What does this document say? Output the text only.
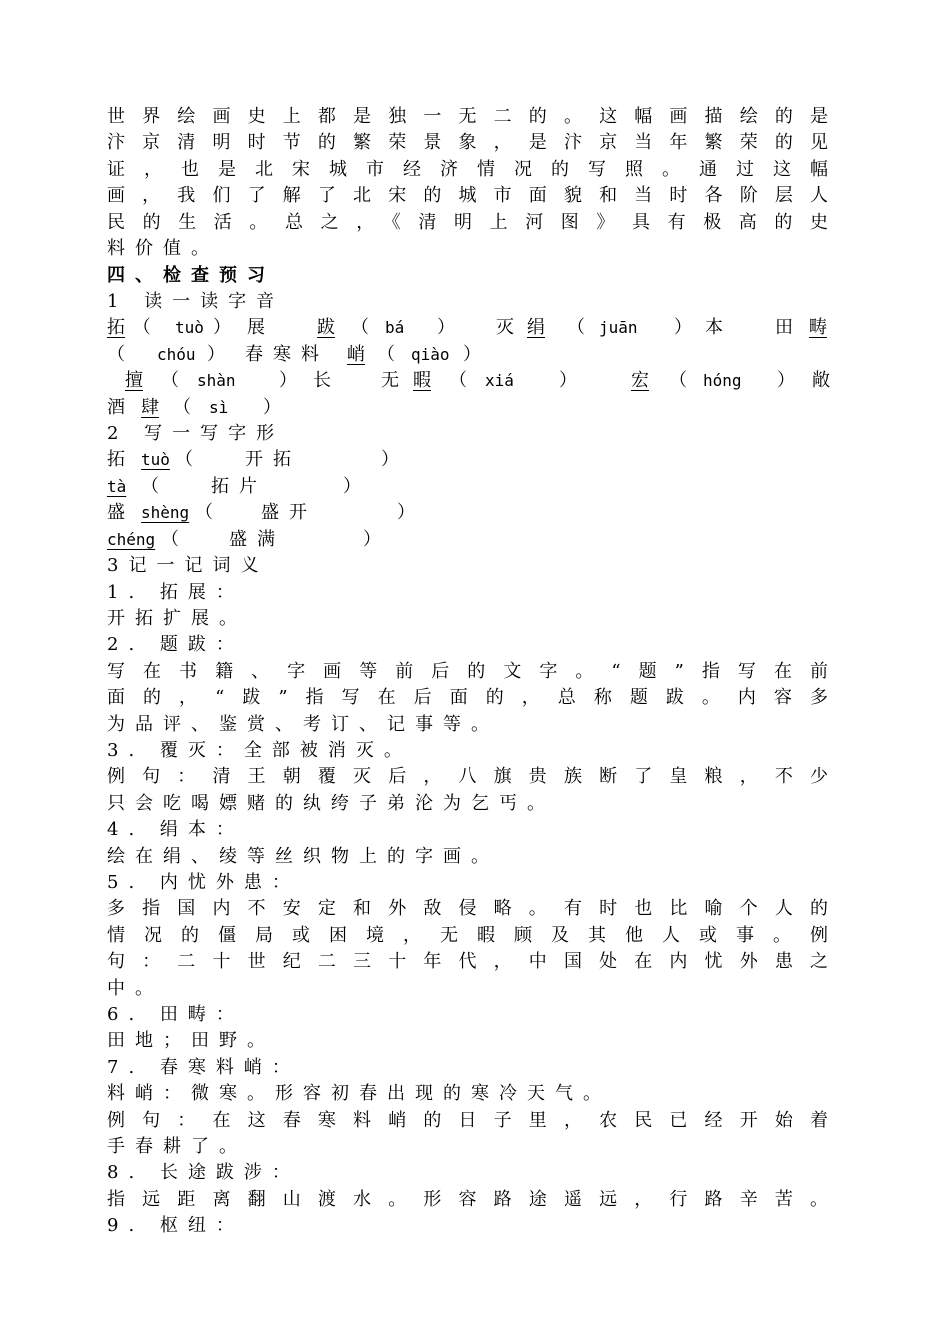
世界绘画史上都是独一无二的。这幅画描绘的是
汴京清明时节的繁荣景象，是汴京当年繁荣的见
证，也是北宋城市经济情况的写照。通过这幅
画，我们了解了北宋的城市面貌和当时各阶层人
民的生活。总之，《清明上河图》具有极高的史
料价值。
四、检查预习
1 读一读字音
拓 （ tuò ） 展	跋 （ bá ） 灭 绢 （ juān ） 本	田 畴
（ chóu ） 春寒料 峭 （ qiào ）
擅 （ shàn ） 长	无 暇 （ xiá	）	宏 （ hóng ） 敞
酒 肆 （ sì ）
2 写一写字形
拓 tuò （	开拓	）
tà （	拓片	）
盛 shèng （	盛开	）
chéng （	盛满	）
3记一记词义
1. 拓展：
开拓扩展。
2. 题跋：
写在书籍、字画等前后的文字。“题”指写在前
面的，“跋”指写在后面的，总称题跋。内容多
为品评、鉴赏、考订、记事等。
3. 覆灭：全部被消灭。
例句：清王朝覆灭后，八旗贵族断了皇粮，不少
只会吃喝嫖赌的纨绔子弟沦为乞丐。
4. 绢本：
绘在绢、绫等丝织物上的字画。
5. 内忧外患：
多指国内不安定和外敌侵略。有时也比喻个人的
情况的僵局或困境，无暇顾及其他人或事。例
句：二十世纪二三十年代，中国处在内忧外患之
中。
6. 田畴：
田地；田野。
7. 春寒料峭：
料峭：微寒。形容初春出现的寒冷天气。
例句：在这春寒料峭的日子里，农民已经开始着
手春耕了。
8. 长途跋涉：
指远距离翻山渡水。形容路途遥远，行路辛苦。
9. 枢纽：
